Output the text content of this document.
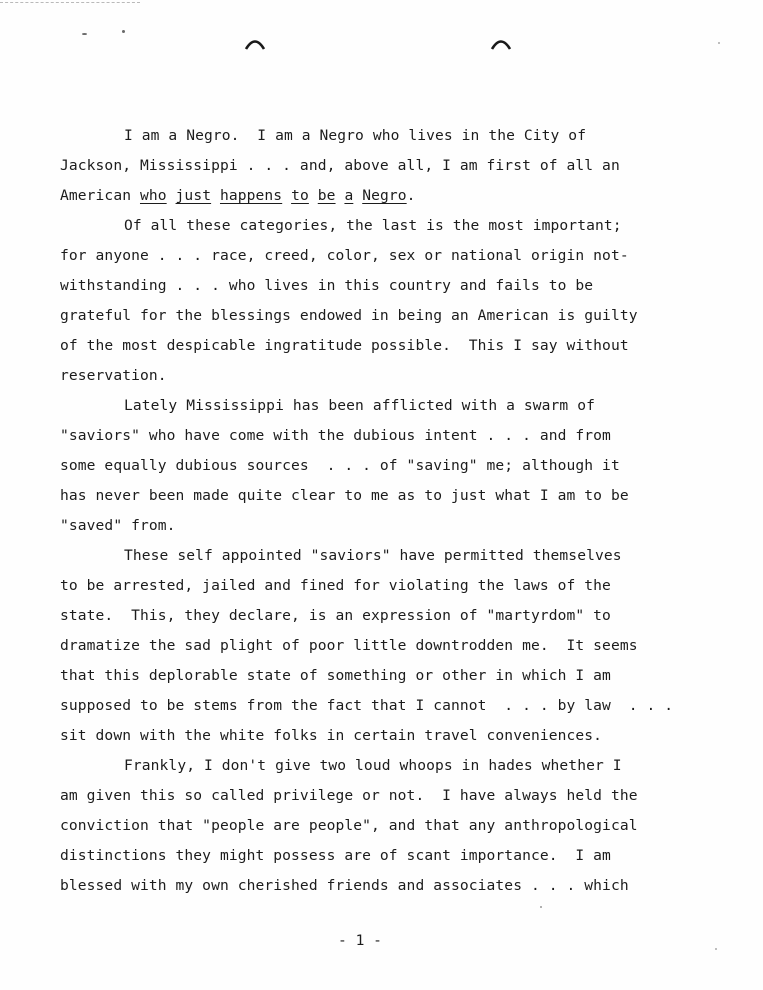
I am a Negro.  I am a Negro who lives in the City of
Jackson, Mississippi . . . and, above all, I am first of all an
American who just happens to be a Negro.
Of all these categories, the last is the most important;
for anyone . . . race, creed, color, sex or national origin not-
withstanding . . . who lives in this country and fails to be
grateful for the blessings endowed in being an American is guilty
of the most despicable ingratitude possible.  This I say without
reservation.
Lately Mississippi has been afflicted with a swarm of
"saviors" who have come with the dubious intent . . . and from
some equally dubious sources  . . . of "saving" me; although it
has never been made quite clear to me as to just what I am to be
"saved" from.
These self appointed "saviors" have permitted themselves
to be arrested, jailed and fined for violating the laws of the
state.  This, they declare, is an expression of "martyrdom" to
dramatize the sad plight of poor little downtrodden me.  It seems
that this deplorable state of something or other in which I am
supposed to be stems from the fact that I cannot  . . . by law  . . .
sit down with the white folks in certain travel conveniences.
Frankly, I don't give two loud whoops in hades whether I
am given this so called privilege or not.  I have always held the
conviction that "people are people", and that any anthropological
distinctions they might possess are of scant importance.  I am
blessed with my own cherished friends and associates . . . which
- 1 -
